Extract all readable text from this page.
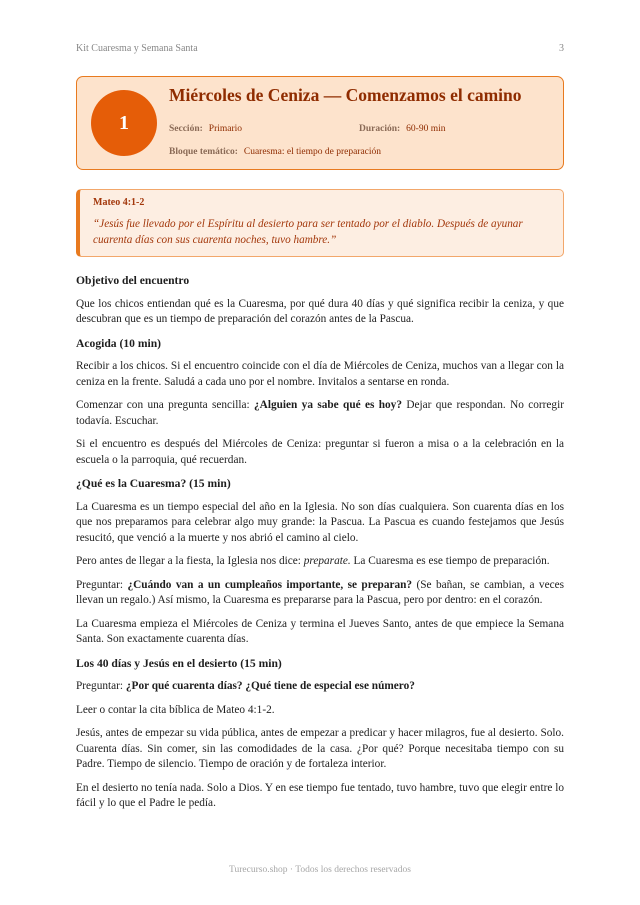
Kit Cuaresma y Semana Santa	3
1
Miércoles de Ceniza — Comenzamos el camino
Sección: Primario	Duración: 60-90 min
Bloque temático: Cuaresma: el tiempo de preparación
Mateo 4:1-2
“Jesús fue llevado por el Espíritu al desierto para ser tentado por el diablo. Después de ayunar cuarenta días con sus cuarenta noches, tuvo hambre.”
Objetivo del encuentro

Que los chicos entiendan qué es la Cuaresma, por qué dura 40 días y qué significa recibir la ceniza, y que descubran que es un tiempo de preparación del corazón antes de la Pascua.

Acogida (10 min)

Recibir a los chicos. Si el encuentro coincide con el día de Miércoles de Ceniza, muchos van a llegar con la ceniza en la frente. Saludá a cada uno por el nombre. Invitalos a sentarse en ronda.

Comenzar con una pregunta sencilla: ¿Alguien ya sabe qué es hoy? Dejar que respondan. No corregir todavía. Escuchar.

Si el encuentro es después del Miércoles de Ceniza: preguntar si fueron a misa o a la celebración en la escuela o la parroquia, qué recuerdan.

¿Qué es la Cuaresma? (15 min)

La Cuaresma es un tiempo especial del año en la Iglesia. No son días cualquiera. Son cuarenta días en los que nos preparamos para celebrar algo muy grande: la Pascua. La Pascua es cuando festejamos que Jesús resucitó, que venció a la muerte y nos abrió el camino al cielo.

Pero antes de llegar a la fiesta, la Iglesia nos dice: preparate. La Cuaresma es ese tiempo de preparación.

Preguntar: ¿Cuándo van a un cumpleaños importante, se preparan? (Se bañan, se cambian, a veces llevan un regalo.) Así mismo, la Cuaresma es prepararse para la Pascua, pero por dentro: en el corazón.

La Cuaresma empieza el Miércoles de Ceniza y termina el Jueves Santo, antes de que empiece la Semana Santa. Son exactamente cuarenta días.

Los 40 días y Jesús en el desierto (15 min)

Preguntar: ¿Por qué cuarenta días? ¿Qué tiene de especial ese número?

Leer o contar la cita bíblica de Mateo 4:1-2.

Jesús, antes de empezar su vida pública, antes de empezar a predicar y hacer milagros, fue al desierto. Solo. Cuarenta días. Sin comer, sin las comodidades de la casa. ¿Por qué? Porque necesitaba tiempo con su Padre. Tiempo de silencio. Tiempo de oración y de fortaleza interior.

En el desierto no tenía nada. Solo a Dios. Y en ese tiempo fue tentado, tuvo hambre, tuvo que elegir entre lo fácil y lo que el Padre le pedía.

Turecurso.shop · Todos los derechos reservados
